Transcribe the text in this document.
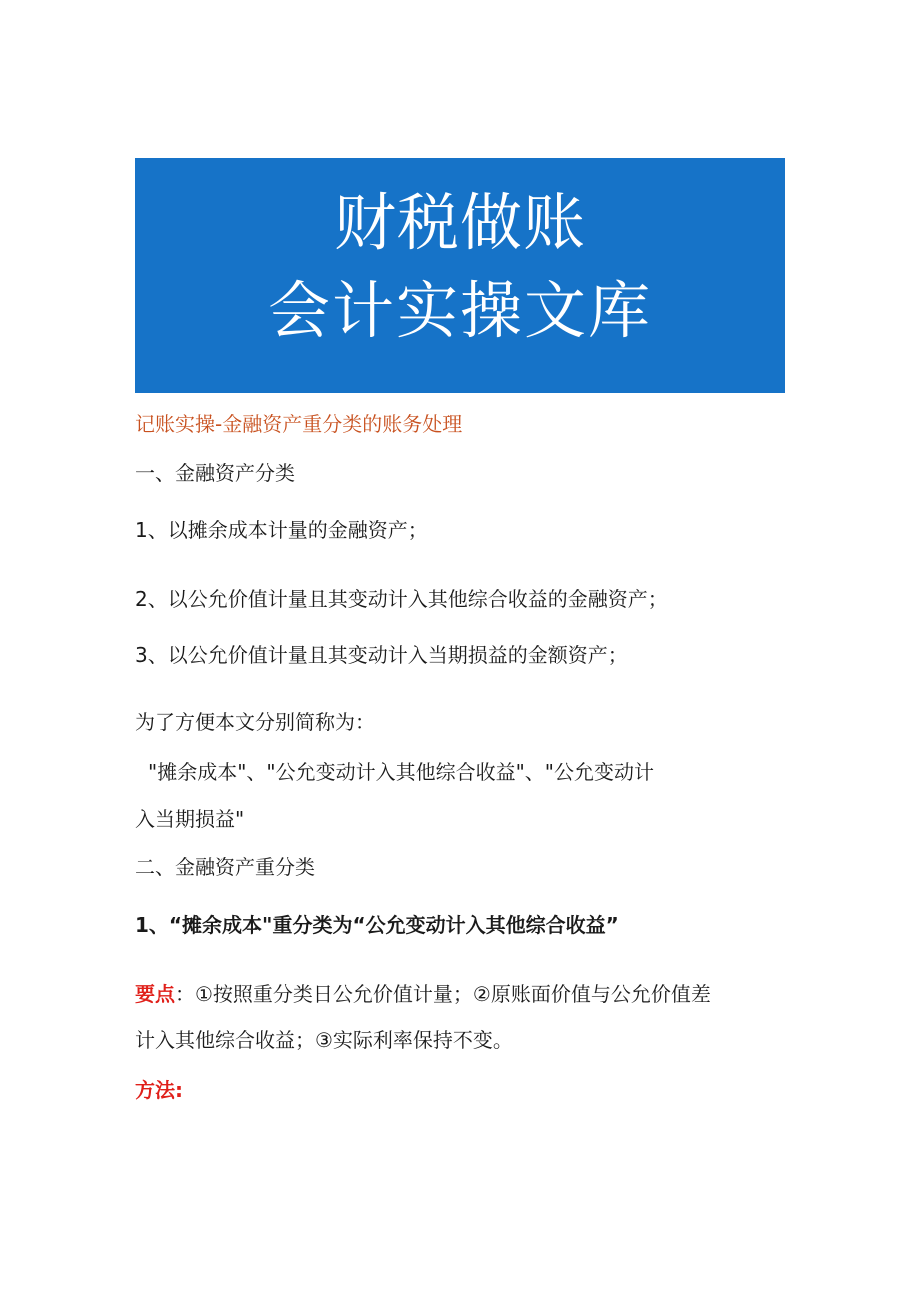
财税做账
会计实操文库
记账实操-金融资产重分类的账务处理
一、金融资产分类
1、以摊余成本计量的金融资产；
2、以公允价值计量且其变动计入其他综合收益的金融资产；
3、以公允价值计量且其变动计入当期损益的金额资产；
为了方便本文分别简称为：
"摊余成本"、"公允变动计入其他综合收益"、"公允变动计
入当期损益"
二、金融资产重分类
1、“摊余成本"重分类为“公允变动计入其他综合收益”
要点：①按照重分类日公允价值计量；②原账面价值与公允价值差
计入其他综合收益；③实际利率保持不变。
方法:
